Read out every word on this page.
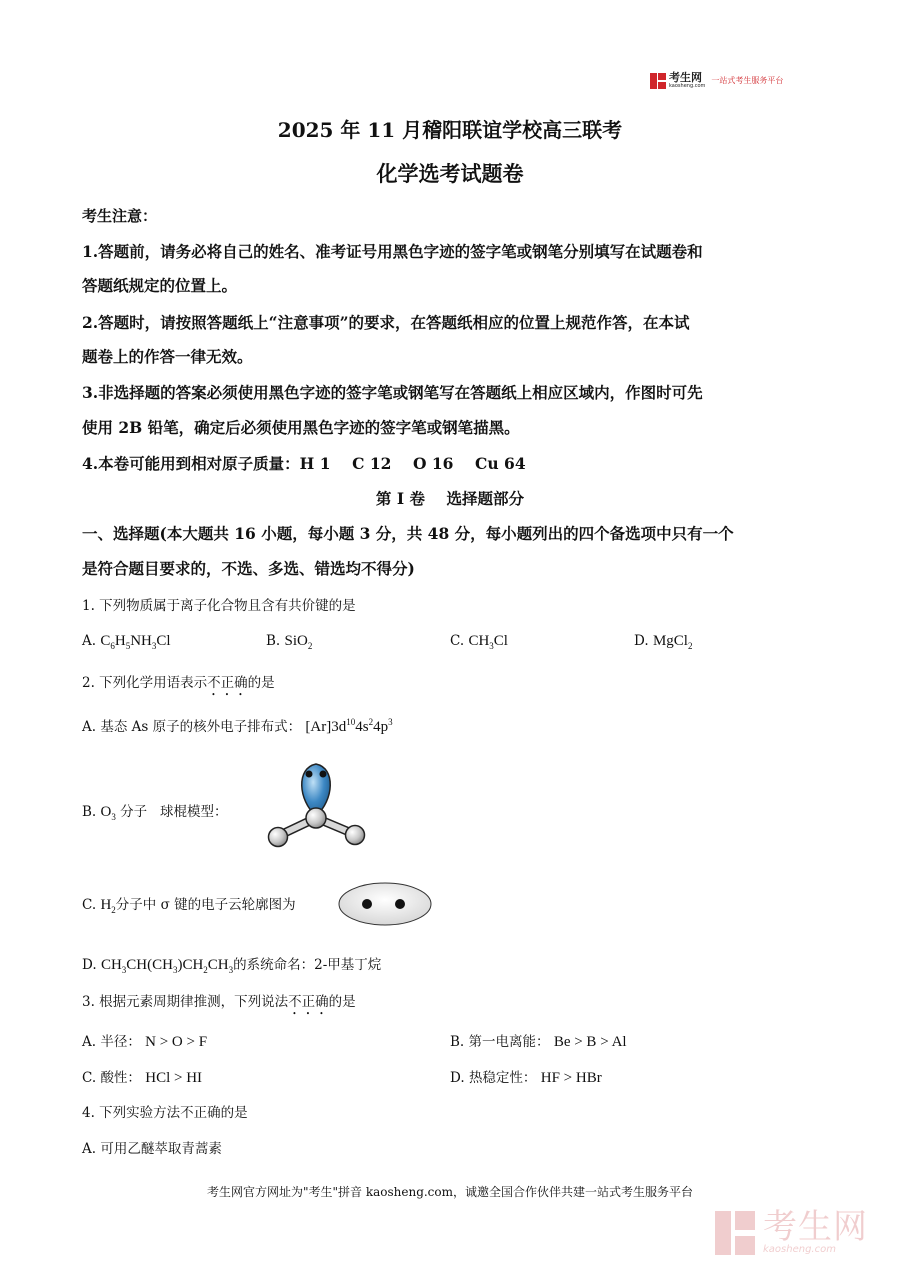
考生网
kaosheng.com
一站式考生服务平台
2025 年 11 月稽阳联谊学校高三联考
化学选考试题卷
考生注意：
1.答题前，请务必将自己的姓名、准考证号用黑色字迹的签字笔或钢笔分别填写在试题卷和
答题纸规定的位置上。
2.答题时，请按照答题纸上“注意事项”的要求，在答题纸相应的位置上规范作答，在本试
题卷上的作答一律无效。
3.非选择题的答案必须使用黑色字迹的签字笔或钢笔写在答题纸上相应区域内，作图时可先
使用 2B 铅笔，确定后必须使用黑色字迹的签字笔或钢笔描黑。
4.本卷可能用到相对原子质量：H 1    C 12    O 16    Cu 64
第 I 卷    选择题部分
一、选择题(本大题共 16 小题，每小题 3 分，共 48 分，每小题列出的四个备选项中只有一个
是符合题目要求的，不选、多选、错选均不得分)
1. 下列物质属于离子化合物且含有共价键的是
A. $C_6H_5NH_3Cl$	B. SiO$_2$	C. $CH_3Cl$	D. MgCl$_2$
2. 下列化学用语表示不正确的是
A. 基态 As 原子的核外电子排布式： $[Ar]3d^{10}4s^24p^3$
B. $O_3$ 分子 球棍模型：
C. $H_2$分子中 σ 键的电子云轮廓图为
D. $CH_3CH(CH_3)CH_2CH_3$的系统命名：2-甲基丁烷
3. 根据元素周期律推测，下列说法不正确的是
A. 半径： N > O > F	B. 第一电离能： Be > B > Al
C. 酸性： HCl > HI	D. 热稳定性： HF > HBr
4. 下列实验方法不正确的是
A. 可用乙醚萃取青蒿素
考生网官方网址为"考生"拼音 kaosheng.com，诚邀全国合作伙伴共建一站式考生服务平台
考生网
kaosheng.com
